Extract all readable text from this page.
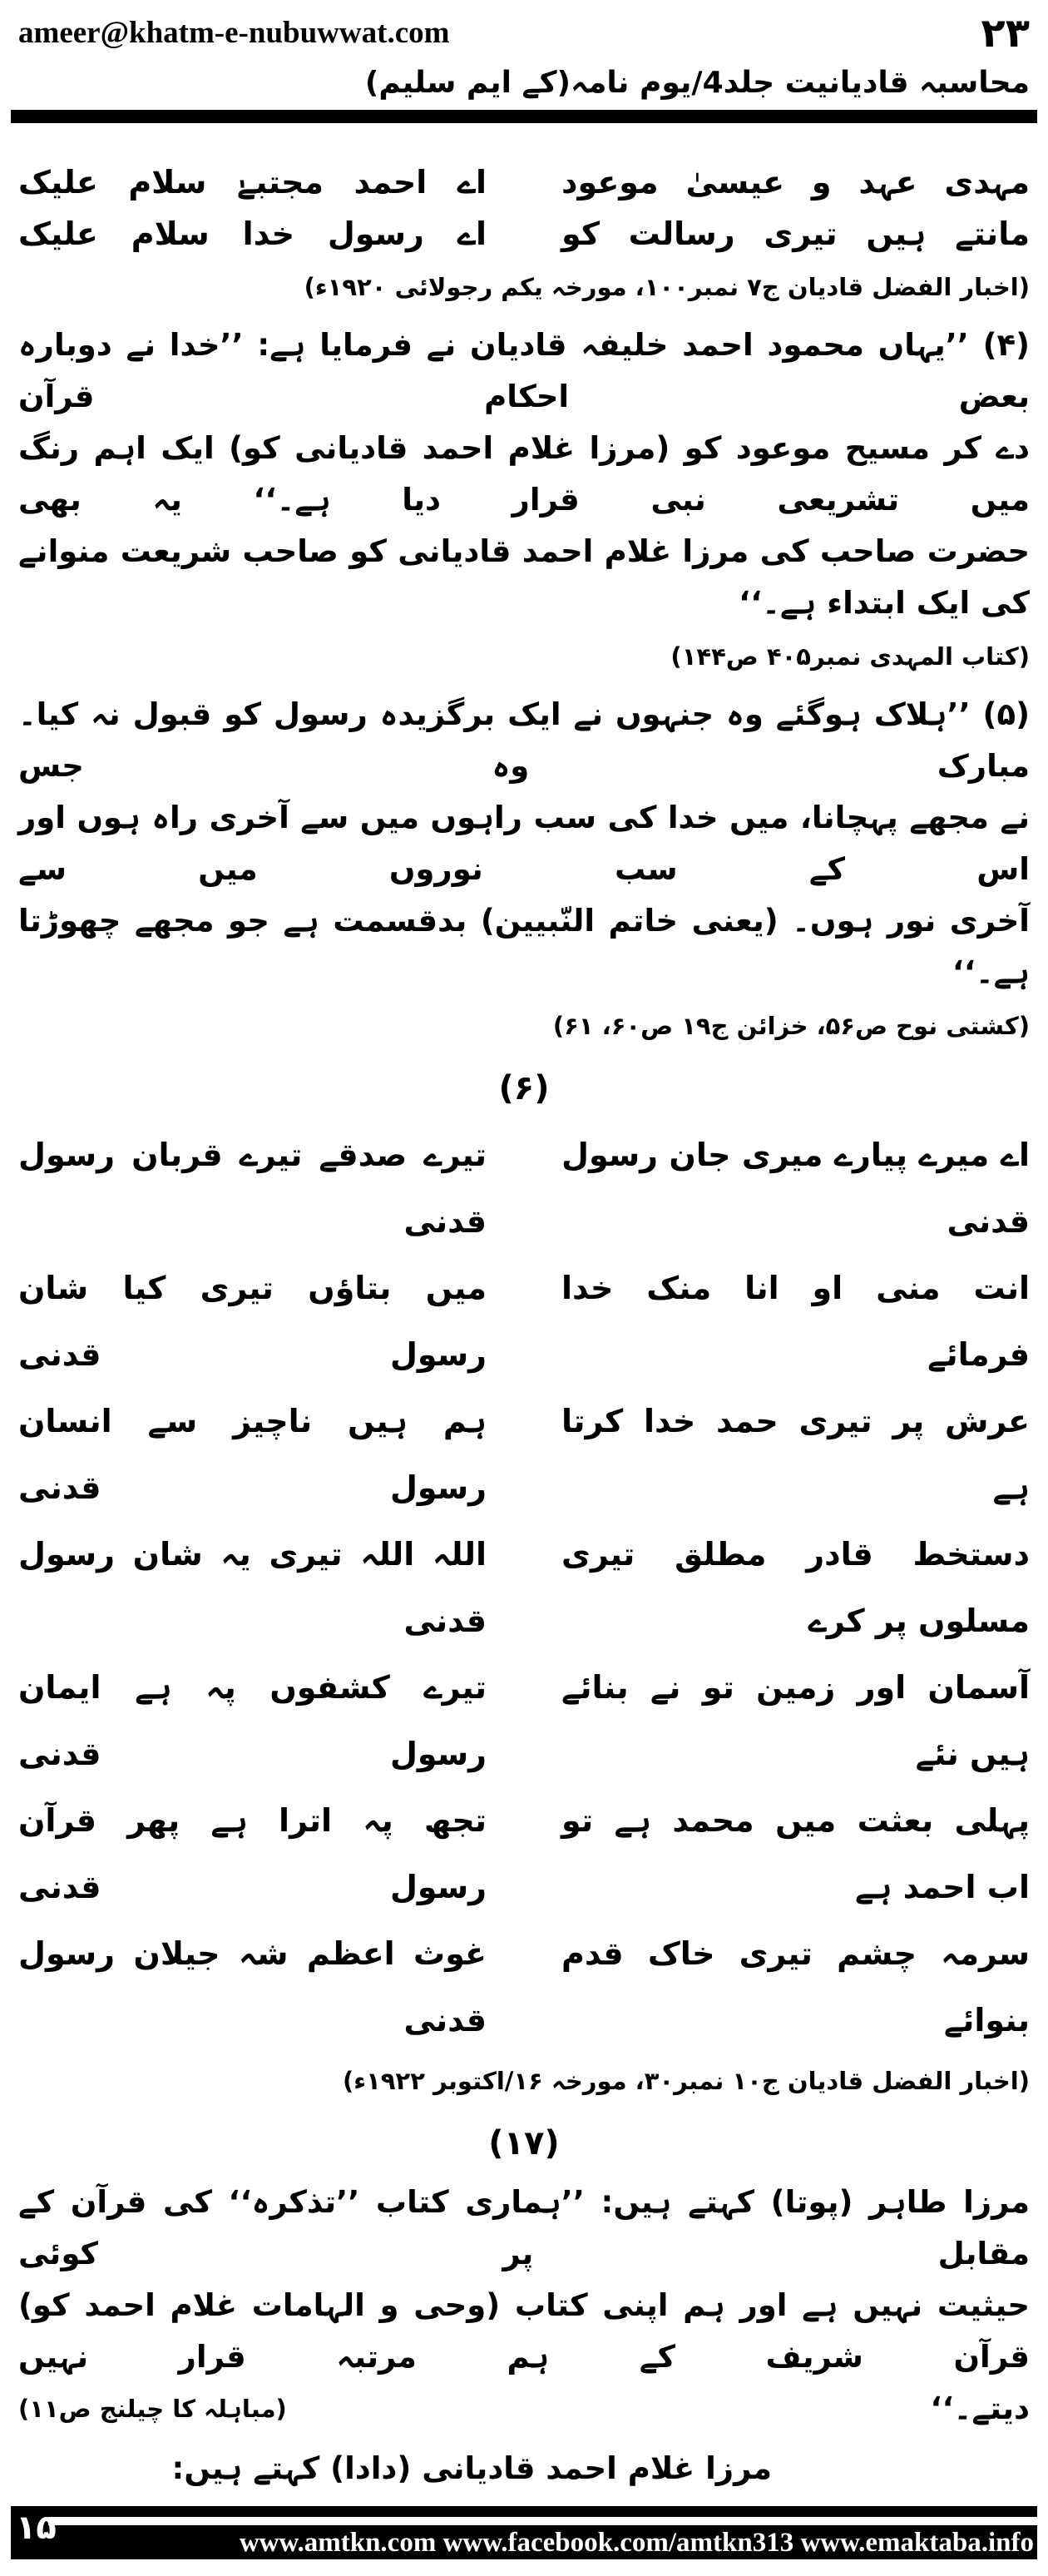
ameer@khatm-e-nubuwwat.com	۲۳
محاسبہ قادیانیت جلد4/یوم نامہ(کے ایم سلیم)
مہدی عہد و عیسیٰ موعود
اے احمد مجتبےٰ سلام علیک
مانتے ہیں تیری رسالت کو
اے رسول خدا سلام علیک
(اخبار الفضل قادیان ج۷ نمبر۱۰۰، مورخہ یکم رجولائی ۱۹۲۰ء)

(۴) ’’یہاں محمود احمد خلیفہ قادیان نے فرمایا ہے: ’’خدا نے دوبارہ بعض احکام قرآن

دے کر مسیح موعود کو (مرزا غلام احمد قادیانی کو) ایک اہم رنگ میں تشریعی نبی قرار دیا ہے۔‘‘ یہ بھی

حضرت صاحب کی مرزا غلام احمد قادیانی کو صاحب شریعت منوانے کی ایک ابتداء ہے۔‘‘

(کتاب المہدی نمبر۴۰۵ ص۱۴۴)

(۵) ’’ہلاک ہوگئے وہ جنہوں نے ایک برگزیدہ رسول کو قبول نہ کیا۔ مبارک وہ جس

نے مجھے پہچانا، میں خدا کی سب راہوں میں سے آخری راہ ہوں اور اس کے سب نوروں میں سے

آخری نور ہوں۔ (یعنی خاتم النّبیین) بدقسمت ہے جو مجھے چھوڑتا ہے۔‘‘

(کشتی نوح ص۵۶، خزائن ج۱۹ ص۶۰، ۶۱)
(۶)
اے میرے پیارے میری جان رسول قدنی
تیرے صدقے تیرے قربان رسول قدنی
انت منی او انا منک خدا فرمائے
میں بتاؤں تیری کیا شان رسول قدنی
عرش پر تیری حمد خدا کرتا ہے
ہم ہیں ناچیز سے انسان رسول قدنی
دستخط قادر مطلق تیری مسلوں پر کرے
اللہ اللہ تیری یہ شان رسول قدنی
آسمان اور زمین تو نے بنائے ہیں نئے
تیرے کشفوں پہ ہے ایمان رسول قدنی
پہلی بعثت میں محمد ہے تو اب احمد ہے
تجھ پہ اترا ہے پھر قرآن رسول قدنی
سرمہ چشم تیری خاک قدم بنوائے
غوث اعظم شہ جیلان رسول قدنی
(اخبار الفضل قادیان ج۱۰ نمبر۳۰، مورخہ ۱۶/اکتوبر ۱۹۲۲ء)
(۱۷)

مرزا طاہر (پوتا) کہتے ہیں: ’’ہماری کتاب ’’تذکرہ‘‘ کی قرآن کے مقابل پر کوئی

حیثیت نہیں ہے اور ہم اپنی کتاب (وحی و الہامات غلام احمد کو) قرآن شریف کے ہم مرتبہ قرار نہیں

دیتے۔‘‘
(مباہلہ کا چیلنج ص۱۱)
مرزا غلام احمد قادیانی (دادا) کہتے ہیں:
۱۵	www.amtkn.com www.facebook.com/amtkn313 www.emaktaba.info
